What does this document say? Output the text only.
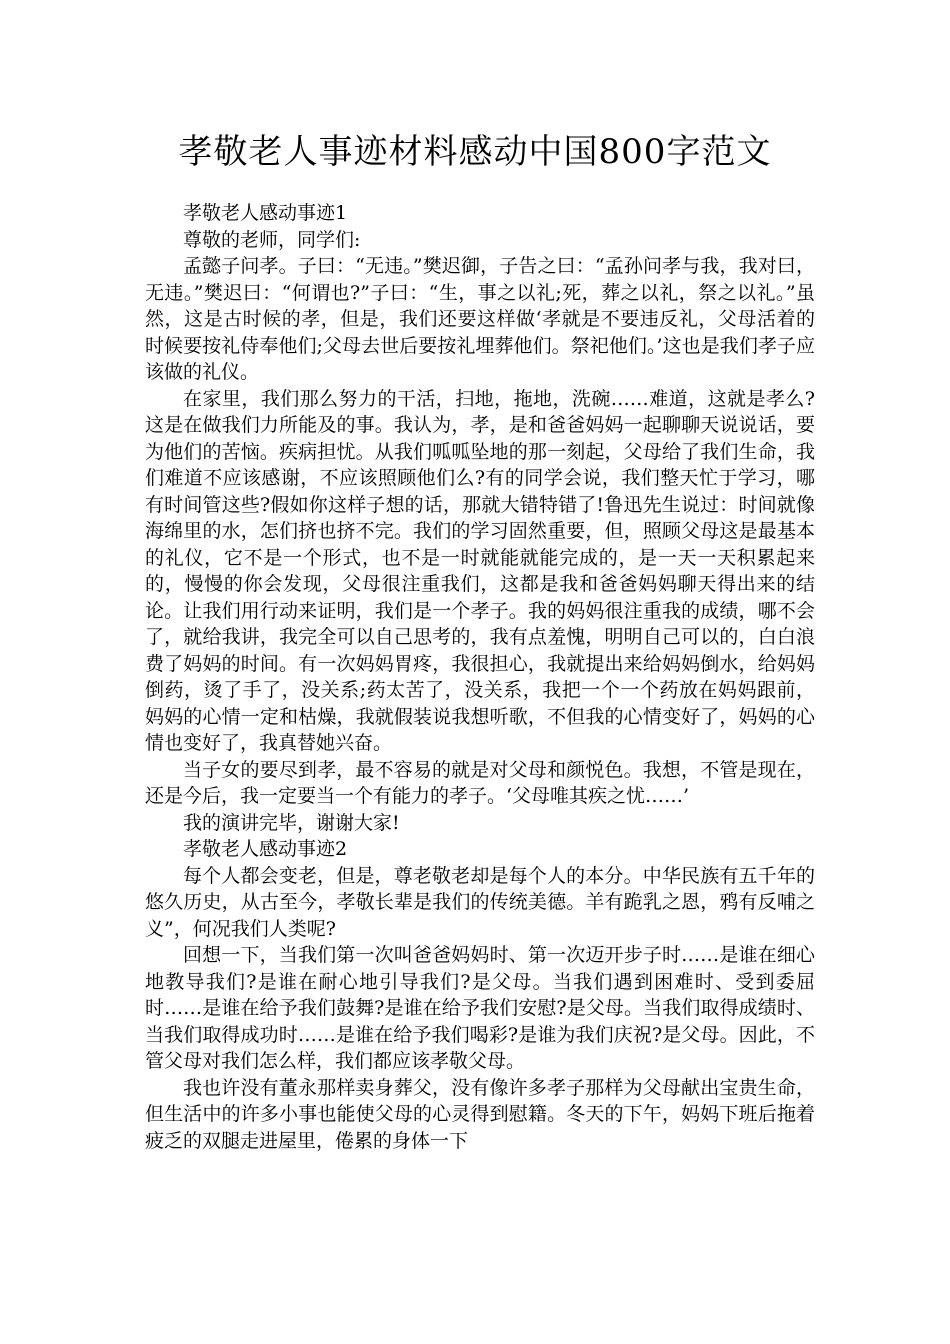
孝敬老人事迹材料感动中国800字范文

孝敬老人感动事迹1

尊敬的老师，同学们:

孟懿子问孝。子曰：“无违。”樊迟御，子告之曰：“孟孙问孝与我，我对曰，无违。”樊迟曰：“何谓也?”子曰：“生，事之以礼;死，葬之以礼，祭之以礼。”虽然，这是古时候的孝，但是，我们还要这样做‘孝就是不要违反礼，父母活着的时候要按礼侍奉他们;父母去世后要按礼埋葬他们。祭祀他们。’这也是我们孝子应该做的礼仪。

在家里，我们那么努力的干活，扫地，拖地，洗碗……难道，这就是孝么?这是在做我们力所能及的事。我认为，孝，是和爸爸妈妈一起聊聊天说说话，要为他们的苦恼。疾病担忧。从我们呱呱坠地的那一刻起，父母给了我们生命，我们难道不应该感谢，不应该照顾他们么?有的同学会说，我们整天忙于学习，哪有时间管这些?假如你这样子想的话，那就大错特错了!鲁迅先生说过：时间就像海绵里的水，怎们挤也挤不完。我们的学习固然重要，但，照顾父母这是最基本的礼仪，它不是一个形式，也不是一时就能就能完成的，是一天一天积累起来的，慢慢的你会发现，父母很注重我们，这都是我和爸爸妈妈聊天得出来的结论。让我们用行动来证明，我们是一个孝子。我的妈妈很注重我的成绩，哪不会了，就给我讲，我完全可以自己思考的，我有点羞愧，明明自己可以的，白白浪费了妈妈的时间。有一次妈妈胃疼，我很担心，我就提出来给妈妈倒水，给妈妈倒药，烫了手了，没关系;药太苦了，没关系，我把一个一个药放在妈妈跟前，妈妈的心情一定和枯燥，我就假装说我想听歌，不但我的心情变好了，妈妈的心情也变好了，我真替她兴奋。

当子女的要尽到孝，最不容易的就是对父母和颜悦色。我想，不管是现在，还是今后，我一定要当一个有能力的孝子。‘父母唯其疾之忧……’

我的演讲完毕，谢谢大家!

孝敬老人感动事迹2

每个人都会变老，但是，尊老敬老却是每个人的本分。中华民族有五千年的悠久历史，从古至今，孝敬长辈是我们的传统美德。羊有跪乳之恩，鸦有反哺之义”，何况我们人类呢?

回想一下，当我们第一次叫爸爸妈妈时、第一次迈开步子时……是谁在细心地教导我们?是谁在耐心地引导我们?是父母。当我们遇到困难时、受到委屈时……是谁在给予我们鼓舞?是谁在给予我们安慰?是父母。当我们取得成绩时、当我们取得成功时……是谁在给予我们喝彩?是谁为我们庆祝?是父母。因此，不管父母对我们怎么样，我们都应该孝敬父母。

我也许没有董永那样卖身葬父，没有像许多孝子那样为父母献出宝贵生命，但生活中的许多小事也能使父母的心灵得到慰籍。冬天的下午，妈妈下班后拖着疲乏的双腿走进屋里，倦累的身体一下
